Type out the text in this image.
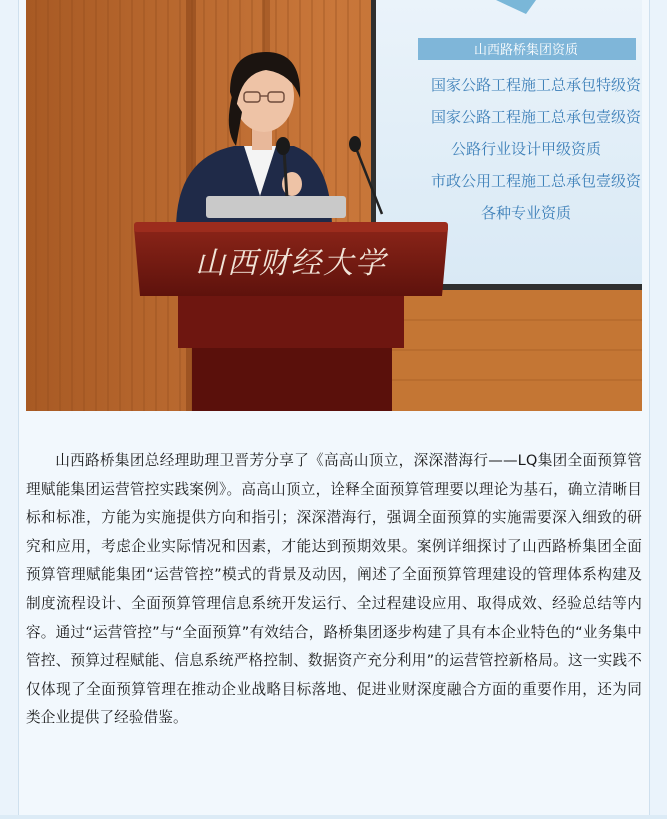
山西路桥集团资质
国家公路工程施工总承包特级资
国家公路工程施工总承包壹级资
公路行业设计甲级资质
市政公用工程施工总承包壹级资
各种专业资质
山西财经大学

山西路桥集团总经理助理卫晋芳分享了《高高山顶立，深深潜海行——LQ集团全面预算管理赋能集团运营管控实践案例》。高高山顶立，诠释全面预算管理要以理论为基石，确立清晰目标和标准，方能为实施提供方向和指引；深深潜海行，强调全面预算的实施需要深入细致的研究和应用，考虑企业实际情况和因素，才能达到预期效果。案例详细探讨了山西路桥集团全面预算管理赋能集团“运营管控”模式的背景及动因，阐述了全面预算管理建设的管理体系构建及制度流程设计、全面预算管理信息系统开发运行、全过程建设应用、取得成效、经验总结等内容。通过“运营管控”与“全面预算”有效结合，路桥集团逐步构建了具有本企业特色的“业务集中管控、预算过程赋能、信息系统严格控制、数据资产充分利用”的运营管控新格局。这一实践不仅体现了全面预算管理在推动企业战略目标落地、促进业财深度融合方面的重要作用，还为同类企业提供了经验借鉴。
